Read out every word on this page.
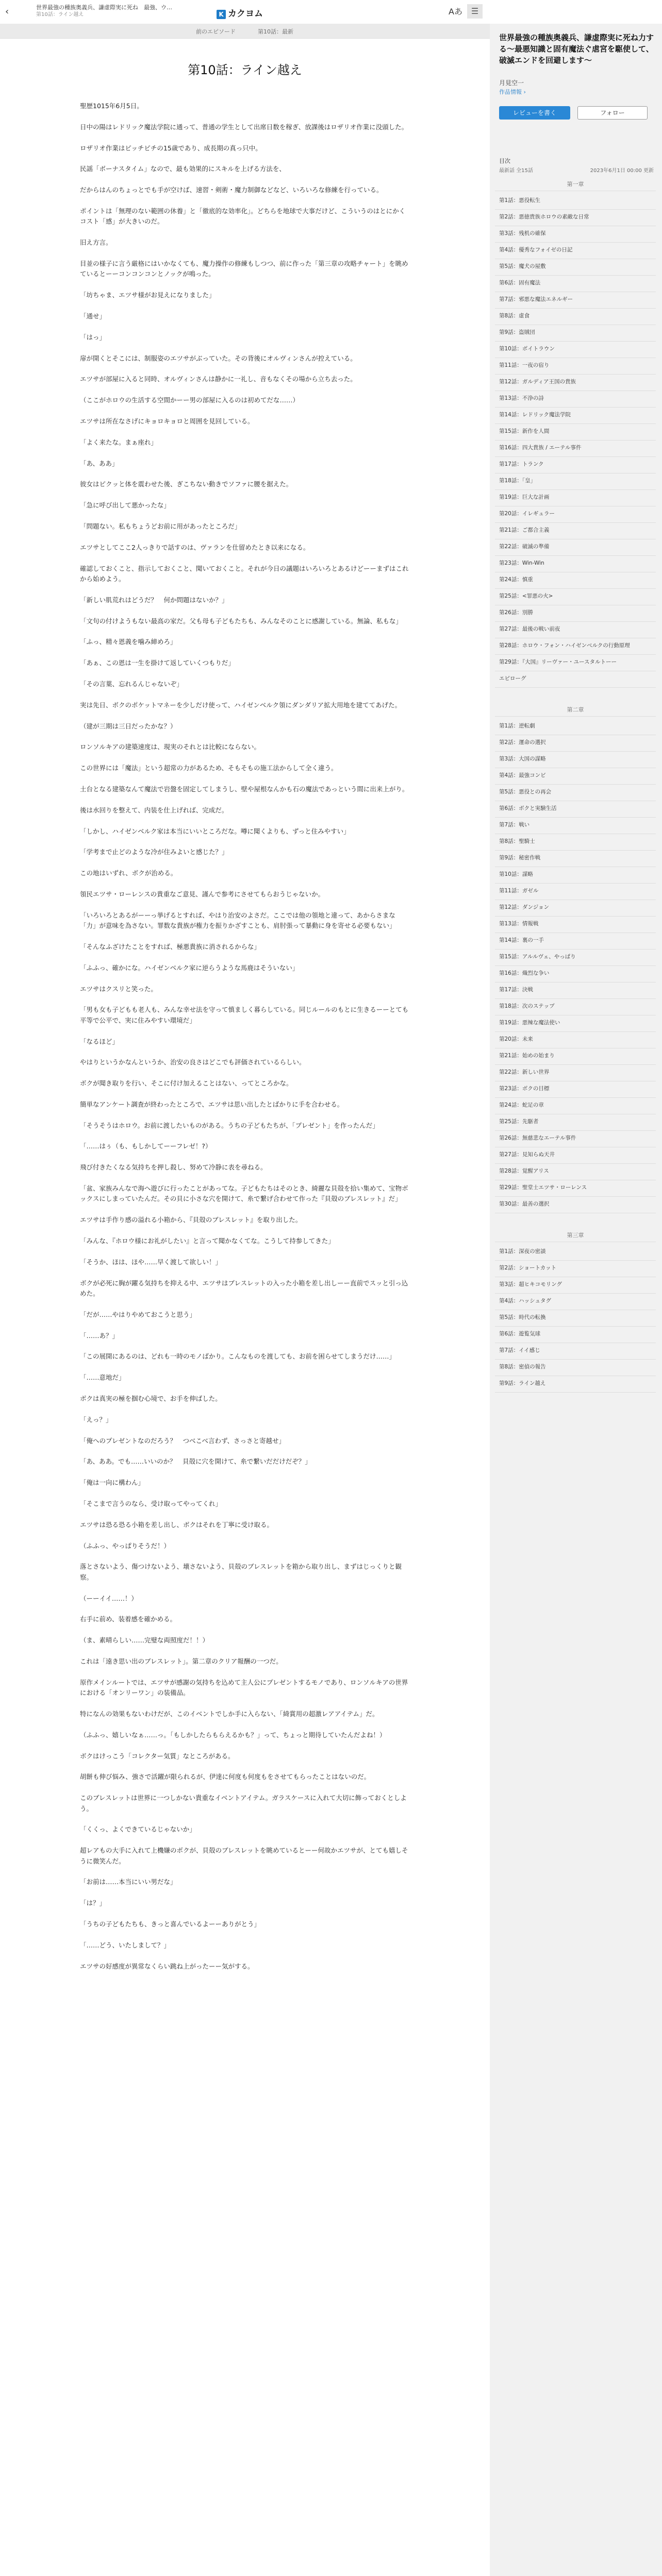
‹	世界最強の種族奥義兵、謙虚際実に死ね　最強、ウ…
第10話：ライン越え	K カクヨム	Aあ	☰
前のエピソード	第10話：最新
第10話：ライン越え

聖歴1015年6月5日。

日中の陽はレドリック魔法学院に通って、普通の学生として出席日数を稼ぎ、放課後はロザリオ作業に没頭した。

ロザリオ作業はピッチピチの15歳であり、成長期の真っ只中。

民謡「ボーナスタイム」なので、最も効果的にスキルを上げる方法を、

だからはんのちょっとでも手が空けば、速習・剣術・魔力制御などなど、いろいろな修練を行っている。

ポイントは「無理のない範囲の休養」と「徹底的な効率化」。どちらを地球で大事だけど、こういうのはとにかくコスト「感」が大きいのだ。

旧え方言。

目並の様子に言う厳格にはいかなくても、魔力操作の修練もしつつ、前に作った「第三章の攻略チャート」を眺めているとーーコンコンコンとノックが鳴った。

「坊ちゃま、エツサ様がお見えになりました」

「通せ」

「はっ」

扉が開くとそこには、制服姿のエツサがぶっていた。その背後にオルヴィンさんが控えている。

エツサが部屋に入ると同時、オルヴィンさんは静かに一礼し、音もなくその場から立ち去った。

（ここがホロウの生活する空間かーー男の部屋に入るのは初めてだな……）

エツサは所在なさげにキョロキョロと周囲を見回している。

「よく来たな。まぁ座れ」

「あ、ああ」

彼女はピクッと体を震わせた後、ぎこちない動きでソファに腰を据えた。

「急に呼び出して悪かったな」

「問題ない。私もちょうどお前に用があったところだ」

エツサとしてここ2人っきりで話すのは、ヴァランを仕留めたとき以来になる。

確認しておくこと、指示しておくこと、聞いておくこと。それが今日の議題はいろいろとあるけどーーまずはこれから始めよう。

「新しい肌荒れはどうだ？　何か問題はないか？」

「文句の付けようもない最高の家だ。父も母も子どもたちも、みんなそのことに感謝している。無論、私もな」

「ふっ、精々恩義を噛み締めろ」

「あぁ、この恩は一生を掛けて返していくつもりだ」

「その言葉、忘れるんじゃないぞ」

実は先日、ボクのポケットマネーを少しだけ使って、ハイゼンベルク領にダンダリア拡大用地を建ててあげた。

（建が三期は三日だったかな？）

ロンソルキアの建築速度は、現実のそれとは比較にならない。

この世界には「魔法」という超常の力があるため、そもそもの施工法からして全く違う。

土台となる建築なんて魔法で岩盤を固定してしまうし、壁や屋根なんかも石の魔法であっという間に出来上がり。

後は水回りを整えて、内装を仕上げれば、完成だ。

「しかし、ハイゼンベルク家は本当にいいところだな。噂に聞くよりも、ずっと住みやすい」

「学考まで止どのような冷が住みよいと感じた？」

この地はいずれ、ボクが治める。

領民エツサ・ローレンスの貴重なご意見、謹んで参考にさせてもらおうじゃないか。

「いろいろとあるがーーっ挙げるとすれば、やはり治安のよさだ。ここでは他の領地と違って、あからさまな「力」が意味を為さない。罪数な貴族が権力を振りかざすことも、肩肘張って暴動に身を寄せる必要もない」

「そんなふざけたことをすれば、極悪貴族に消されるからな」

「ふふっ、確かにな。ハイゼンベルク家に逆らうような馬鹿はそういない」

エツサはクスリと笑った。

「男も女も子どもも老人も、みんな幸せ法を守って慎ましく暮らしている。同じルールのもとに生きるーーとても平等で公平で、実に住みやすい環境だ」

「なるほど」

やはりというかなんというか、治安の良さはどこでも評価されているらしい。

ボクが聞き取りを行い、そこに付け加えることはない、ってところかな。

簡単なアンケート調査が終わったところで、エツサは思い出したとばかりに手を合わせる。

「そうそうはホロウ。お前に渡したいものがある。うちの子どもたちが、「プレゼント」を作ったんだ」

「……はぅ（も、もしかしてーーフレゼ！?）

飛び付きたくなる気持ちを押し殺し、努めて冷静に表を尋ねる。

「盆、家族みんなで海へ遊びに行ったことがあってな。子どもたちはそのとき、綺麗な貝殻を拾い集めて、宝物ボックスにしまっていたんだ。その貝に小さな穴を開けて、糸で繋げ合わせて作った『貝殻のブレスレット』だ」

エツサは手作り感の溢れる小箱から、『貝殻のブレスレット』を取り出した。

「みんな、『ホロウ様にお礼がしたい』と言って聞かなくてな。こうして持参してきた」

「そうか、ほは、ほや……早く渡して欲しい！」

ボクが必死に胸が躍る気持ちを抑える中、エツサはブレスレットの入った小箱を差し出しーー直前でスッと引っ込めた。

「だが……やはりやめておこうと思う」

「……あ？」

「この展開にあるのは、どれも一時のモノばかり。こんなものを渡しても、お前を困らせてしまうだけ……」

「……意地だ」

ボクは真実の極を掴む心境で、お手を伸ばした。

「えっ？」

「俺へのプレゼントなのだろう？　つべこべ言わず、さっさと寄越せ」

「あ、ああ。でも……いいのか？　貝殻に穴を開けて、糸で繋いだだけだぞ？」

「俺は一向に構わん」

「そこまで言うのなら、受け取ってやってくれ」

エツサは恐る恐る小箱を差し出し、ボクはそれを丁寧に受け取る。

（ふふっ、やっぱりそうだ！）

落とさないよう、傷つけないよう、壊さないよう、貝殻のブレスレットを箱から取り出し、まずはじっくりと観察。

（ーーイイ……！）

右手に前め、装着感を確かめる。

（ま、素晴らしい……完璧な両照度だ！！）

これは「遠き思い出のブレスレット」。第二章のクリア報酬の一つだ。

原作メインルートでは、エツサが感謝の気持ちを込めて主人公にプレゼントするモノであり、ロンソルキアの世界における「オンリーワン」の装備品。

特になんの効果もないわけだが、このイベントでしか手に入らない、「綺賞用の超激レアアイテム」だ。

（ふふっ、嬉しいなぁ……っ。「もしかしたらもらえるかも？」って、ちょっと期待していたんだよね！）

ボクはけっこう「コレクター気質」なところがある。

胡餅も伸び悩み、強さで活躍が限られるが、伊達に何度も何度もをさせてもらったことはないのだ。

このブレスレットは世界に一つしかない貴重なイベントアイテム。ガラスケースに入れて大切に飾っておくとしよう。

「くくっ、よくできているじゃないか」

超レアもの大手に入れて上機嫌のボクが、貝殻のブレスレットを眺めているとーー何故かエツサが、とても嬉しそうに微笑んだ。

「お前は……本当にいい男だな」

「は？」

「うちの子どもたちも、きっと喜んでいるよーーありがとう」

「……どう、いたしまして？」

エツサの好感度が異常なくらい跳ね上がったーー気がする。

世界最強の種族奥義兵、謙虚際実に死ね力する〜最悪知識と固有魔法ぐ虐宮を駆使して、破滅エンドを回避します〜
月見空一
作品情報 ›
レビューを書く	フォロー
目次
最新話 全15話	2023年6月1日 00:00 更新
第一章
第1話：悪役転生
第2話：悪徳貴族ホロウの素敵な日常
第3話：残机の確保
第4話：優秀なフォイゼの日記
第5話：魔犬の屋敷
第6話：固有魔法
第7話：邪悪な魔法エネルギー
第8話：虚食
第9話：盗賊団
第10話：ボイトラウン
第11話：一夜の宿り
第12話：ガルディア王国の貴族
第13話：不浄の詩
第14話：レドリック魔法学院
第15話：新作を人間
第16話：四大貴族 / エーテル事件
第17話：トランク
第18話：「皇」
第19話：巨大な計画
第20話：イレギュラー
第21話：ご都合主義
第22話：破滅の準備
第23話：Win-Win
第24話：慎重
第25話：<罪悪の火>
第26話：別勝
第27話：最後の戦い前夜
第28話：ホロウ・フォン・ハイゼンベルクの行動原理
第29話：『大国』リーヴァー・ユースタルトーー
エピローグ
第二章
第1話：逆転劇
第2話：運命の選択
第3話：大国の謀略
第4話：最強コンビ
第5話：悪役との再会
第6話：ボクと実験生活
第7話：戦い
第8話：聖騎士
第9話：秘密作戦
第10話：謀略
第11話：ガゼル
第12話：ダンジョン
第13話：情報戦
第14話：裏の一手
第15話：アルルヴェ、やっぱり
第16話：熾烈な争い
第17話：決戦
第18話：次のステップ
第19話：悪辣な魔法使い
第20話：未来
第21話：始めの始まり
第22話：新しい世界
第23話：ボクの目標
第24話：蛇足の章
第25話：先駆者
第26話：無慈悲なエーテル事件
第27話：見知らぬ天井
第28話：覚醒アリス
第29話：聖堂士エツサ・ローレンス
第30話：最善の選択
第三章
第1話：深夜の密談
第2話：ショートカット
第3話：超ヒキコモリング
第4話：ハッシュタグ
第5話：時代の転換
第6話：遊覧気球
第7話：イイ感じ
第8話：密偵の報告
第9話：ライン越え
